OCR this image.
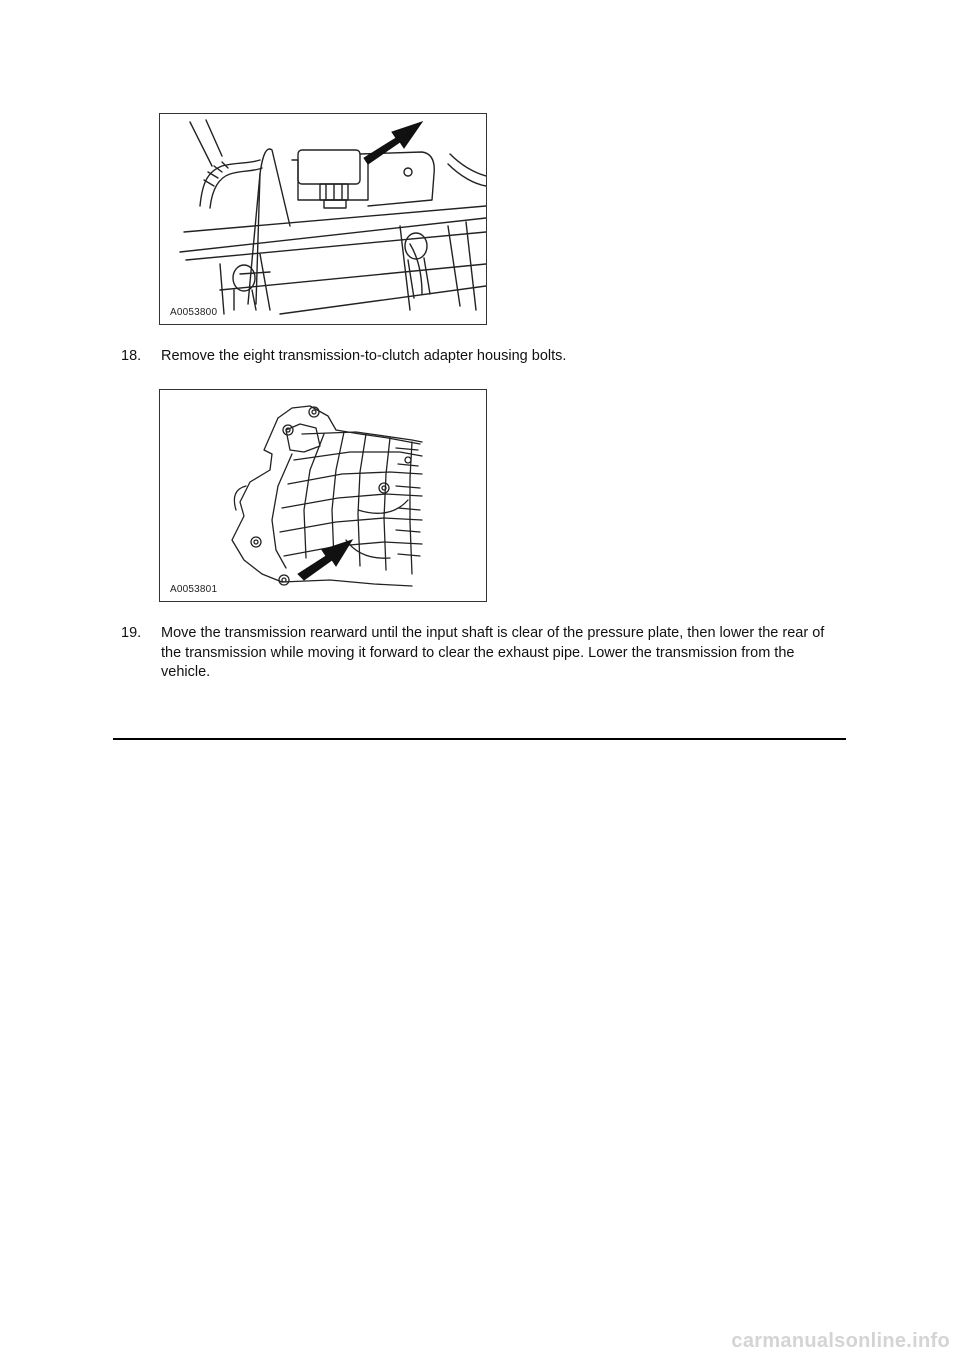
A0053800
18.	Remove the eight transmission-to-clutch adapter housing bolts.
A0053801
19.	Move the transmission rearward until the input shaft is clear of the pressure plate, then lower the rear of the transmission while moving it forward to clear the exhaust pipe. Lower the transmission from the vehicle.
carmanualsonline.info
